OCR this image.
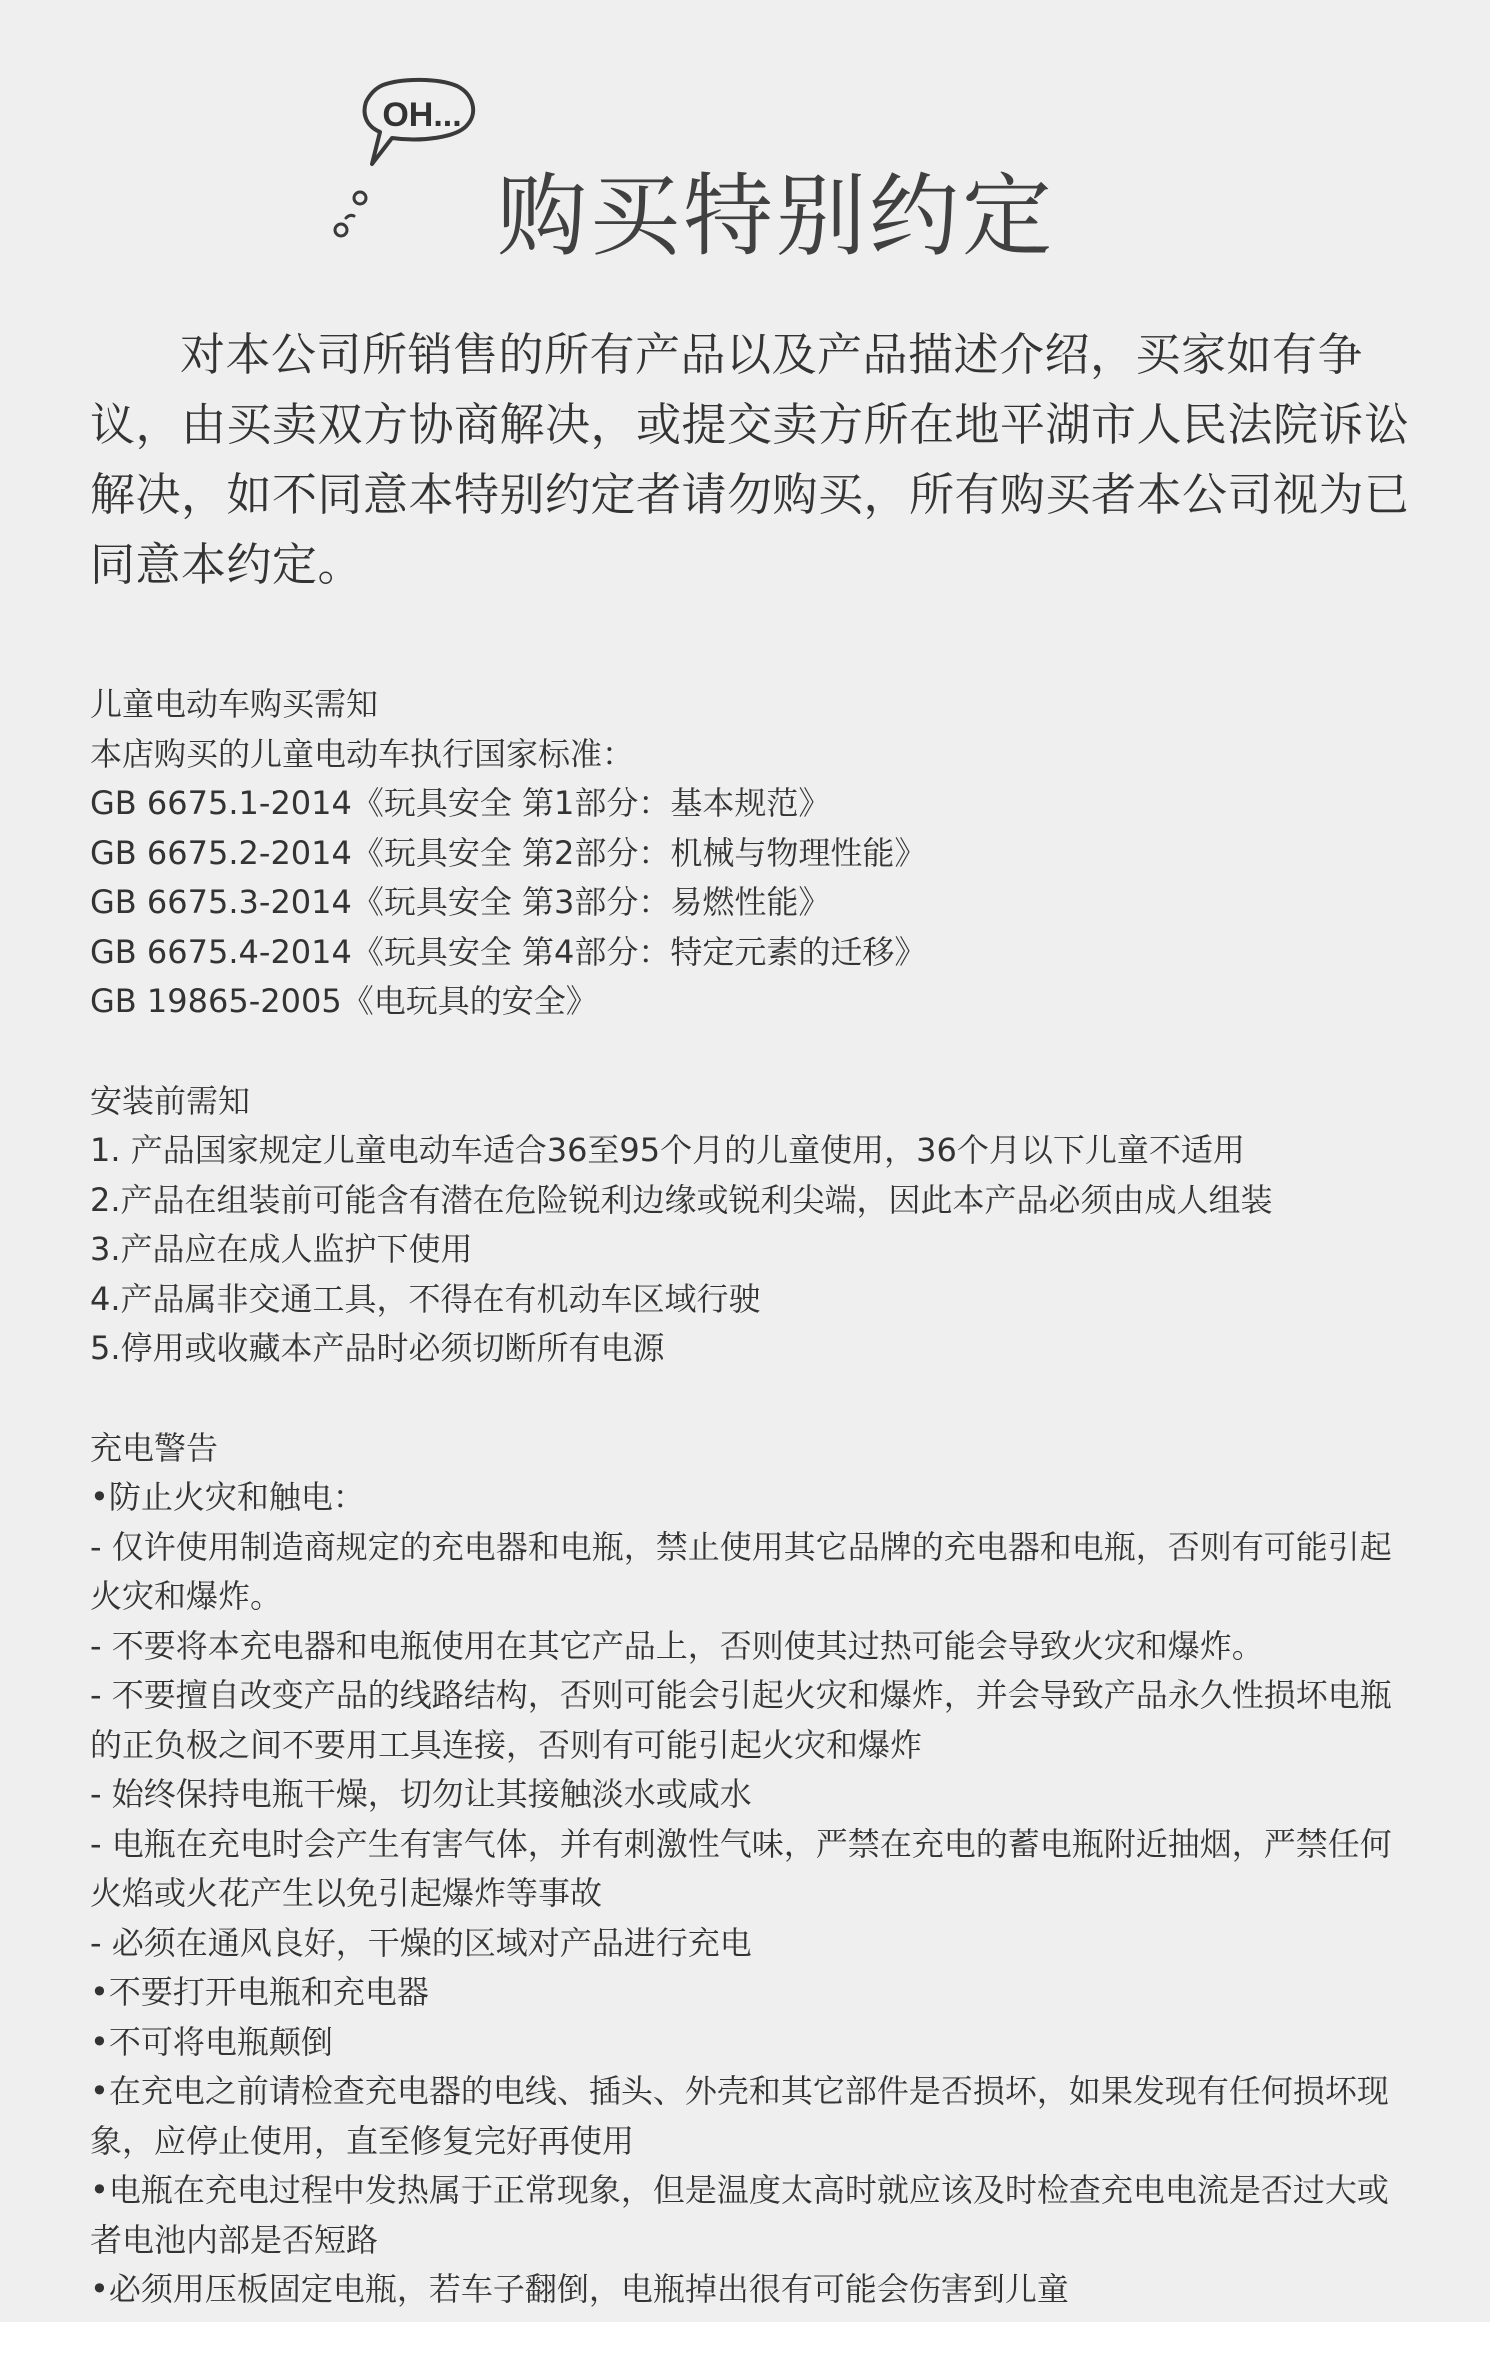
OH...
购买特别约定

对本公司所销售的所有产品以及产品描述介绍，买家如有争议，由买卖双方协商解决，或提交卖方所在地平湖市人民法院诉讼解决，如不同意本特别约定者请勿购买，所有购买者本公司视为已同意本约定。

儿童电动车购买需知

本店购买的儿童电动车执行国家标准：

GB 6675.1-2014《玩具安全 第1部分：基本规范》

GB 6675.2-2014《玩具安全 第2部分：机械与物理性能》

GB 6675.3-2014《玩具安全 第3部分：易燃性能》

GB 6675.4-2014《玩具安全 第4部分：特定元素的迁移》

GB 19865-2005《电玩具的安全》

安装前需知

1. 产品国家规定儿童电动车适合36至95个月的儿童使用，36个月以下儿童不适用

2.产品在组装前可能含有潜在危险锐利边缘或锐利尖端，因此本产品必须由成人组装

3.产品应在成人监护下使用

4.产品属非交通工具，不得在有机动车区域行驶

5.停用或收藏本产品时必须切断所有电源

充电警告

•防止火灾和触电：

- 仅许使用制造商规定的充电器和电瓶，禁止使用其它品牌的充电器和电瓶，否则有可能引起火灾和爆炸。

- 不要将本充电器和电瓶使用在其它产品上，否则使其过热可能会导致火灾和爆炸。

- 不要擅自改变产品的线路结构，否则可能会引起火灾和爆炸，并会导致产品永久性损坏电瓶的正负极之间不要用工具连接，否则有可能引起火灾和爆炸

- 始终保持电瓶干燥，切勿让其接触淡水或咸水

- 电瓶在充电时会产生有害气体，并有刺激性气味，严禁在充电的蓄电瓶附近抽烟，严禁任何火焰或火花产生以免引起爆炸等事故

- 必须在通风良好，干燥的区域对产品进行充电

•不要打开电瓶和充电器

•不可将电瓶颠倒

•在充电之前请检查充电器的电线、插头、外壳和其它部件是否损坏，如果发现有任何损坏现象，应停止使用，直至修复完好再使用

•电瓶在充电过程中发热属于正常现象，但是温度太高时就应该及时检查充电电流是否过大或者电池内部是否短路

•必须用压板固定电瓶，若车子翻倒，电瓶掉出很有可能会伤害到儿童
